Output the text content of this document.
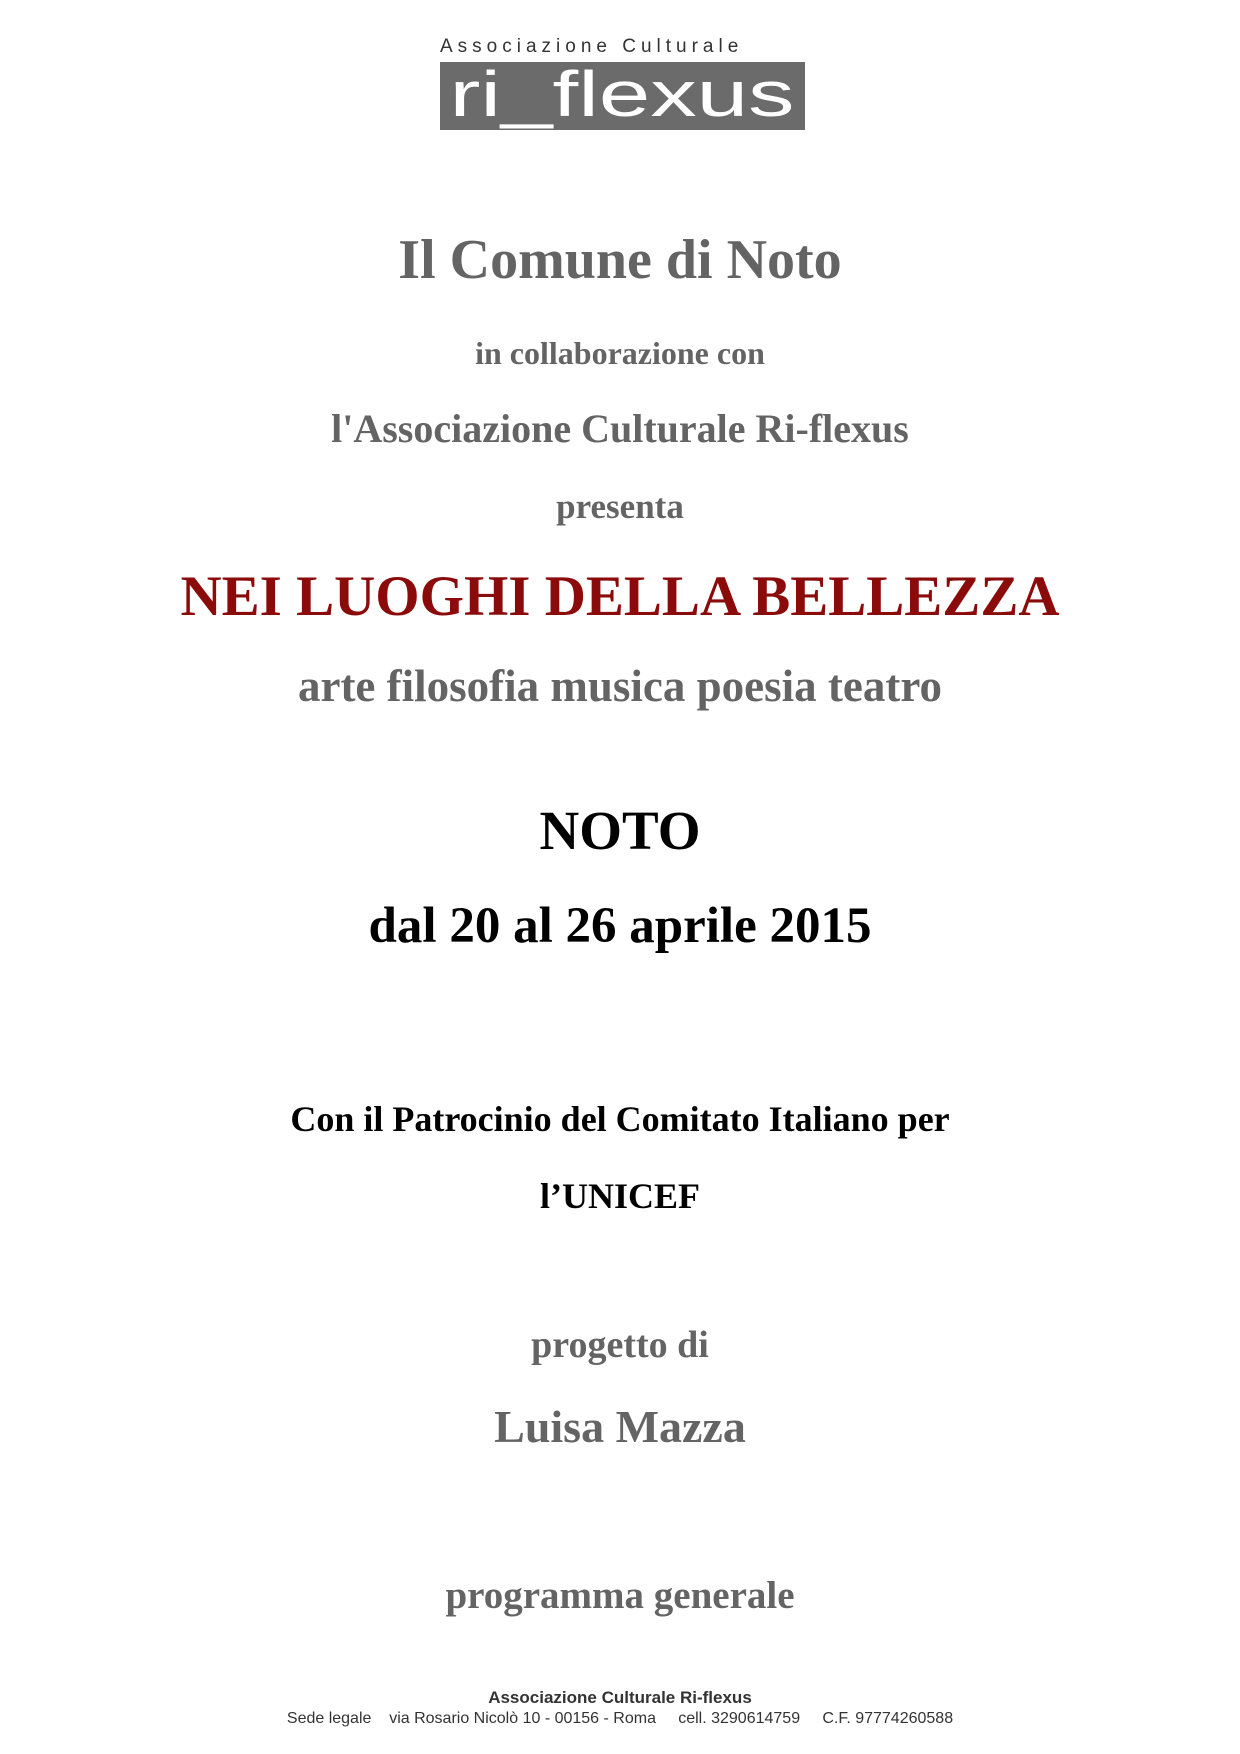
Associazione Culturale
ri_flexus
Il Comune di Noto
in collaborazione con
l'Associazione Culturale Ri-flexus
presenta
NEI LUOGHI DELLA BELLEZZA
arte filosofia musica poesia teatro
NOTO
dal 20 al 26 aprile 2015
Con il Patrocinio del Comitato Italiano per
l’UNICEF
progetto di
Luisa Mazza
programma generale
Associazione Culturale Ri-flexus
Sede legale    via Rosario Nicolò 10 - 00156 - Roma     cell. 3290614759     C.F. 97774260588
